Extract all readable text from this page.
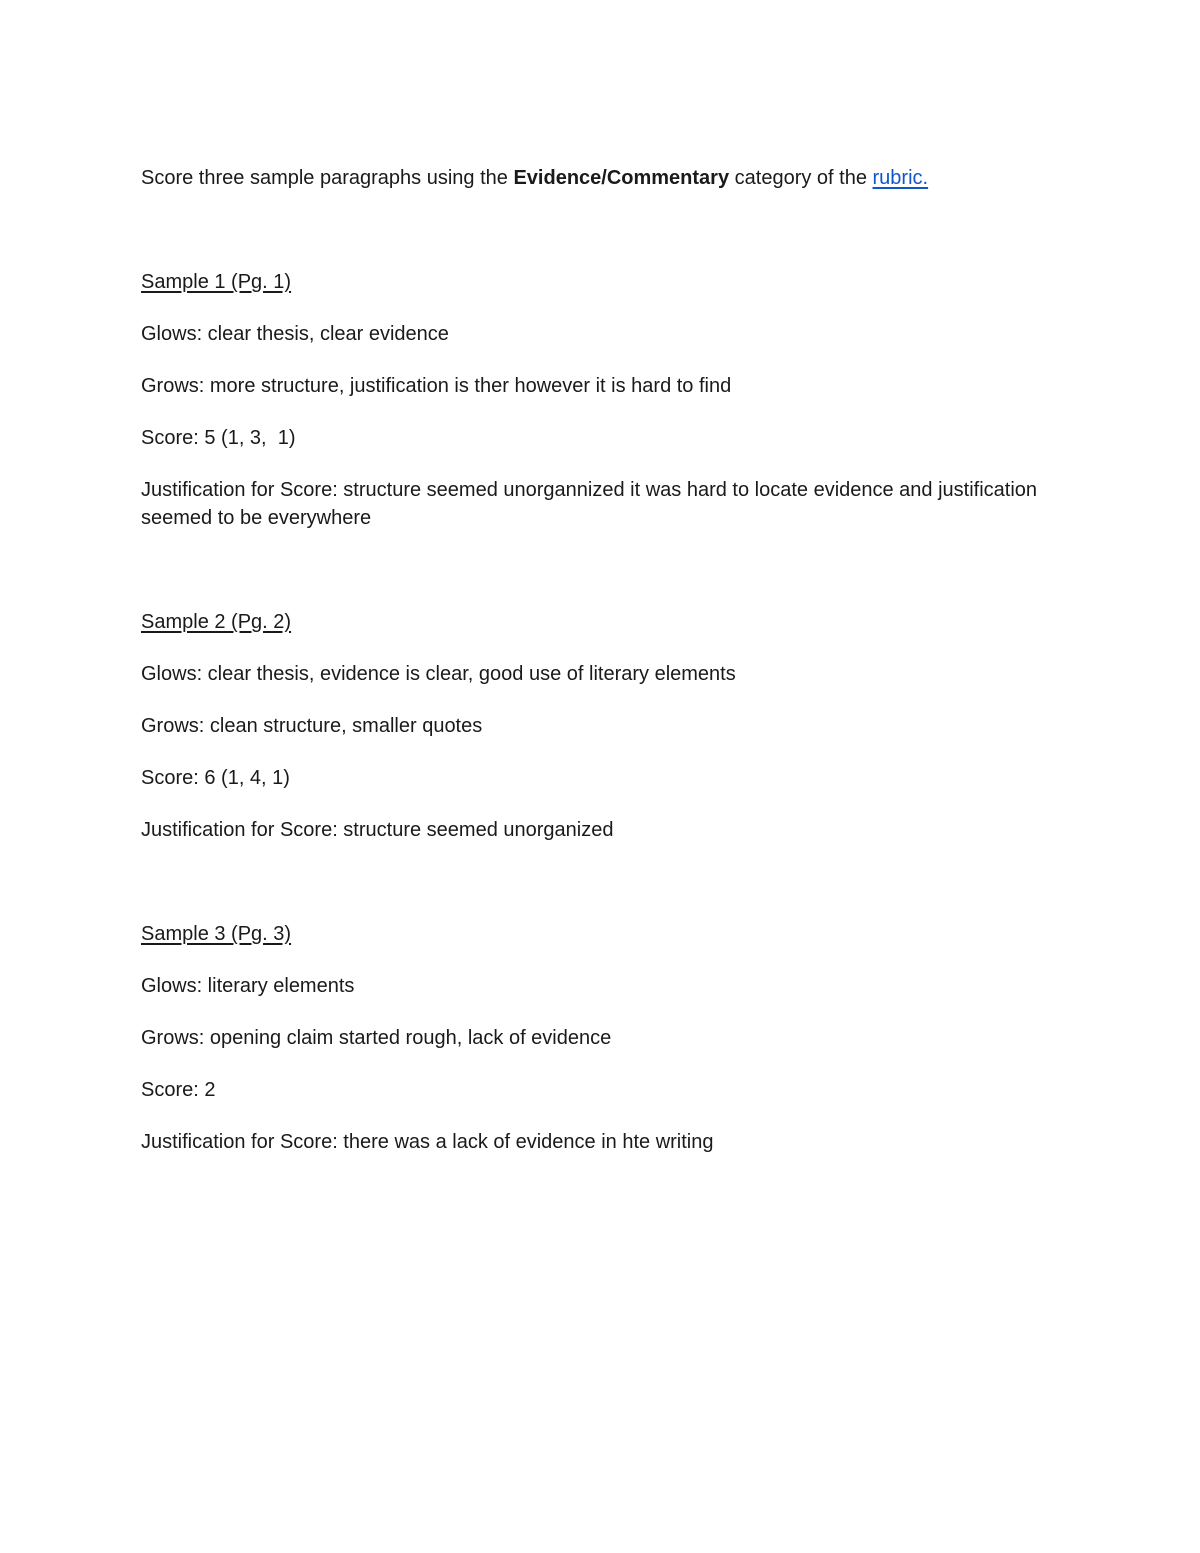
Score three sample paragraphs using the Evidence/Commentary category of the rubric.

Sample 1 (Pg. 1)

Glows: clear thesis, clear evidence

Grows: more structure, justification is ther however it is hard to find

Score: 5 (1, 3,  1)

Justification for Score: structure seemed unorgannized it was hard to locate evidence and justification seemed to be everywhere

Sample 2 (Pg. 2)

Glows: clear thesis, evidence is clear, good use of literary elements

Grows: clean structure, smaller quotes

Score: 6 (1, 4, 1)

Justification for Score: structure seemed unorganized

Sample 3 (Pg. 3)

Glows: literary elements

Grows: opening claim started rough, lack of evidence

Score: 2

Justification for Score: there was a lack of evidence in hte writing
